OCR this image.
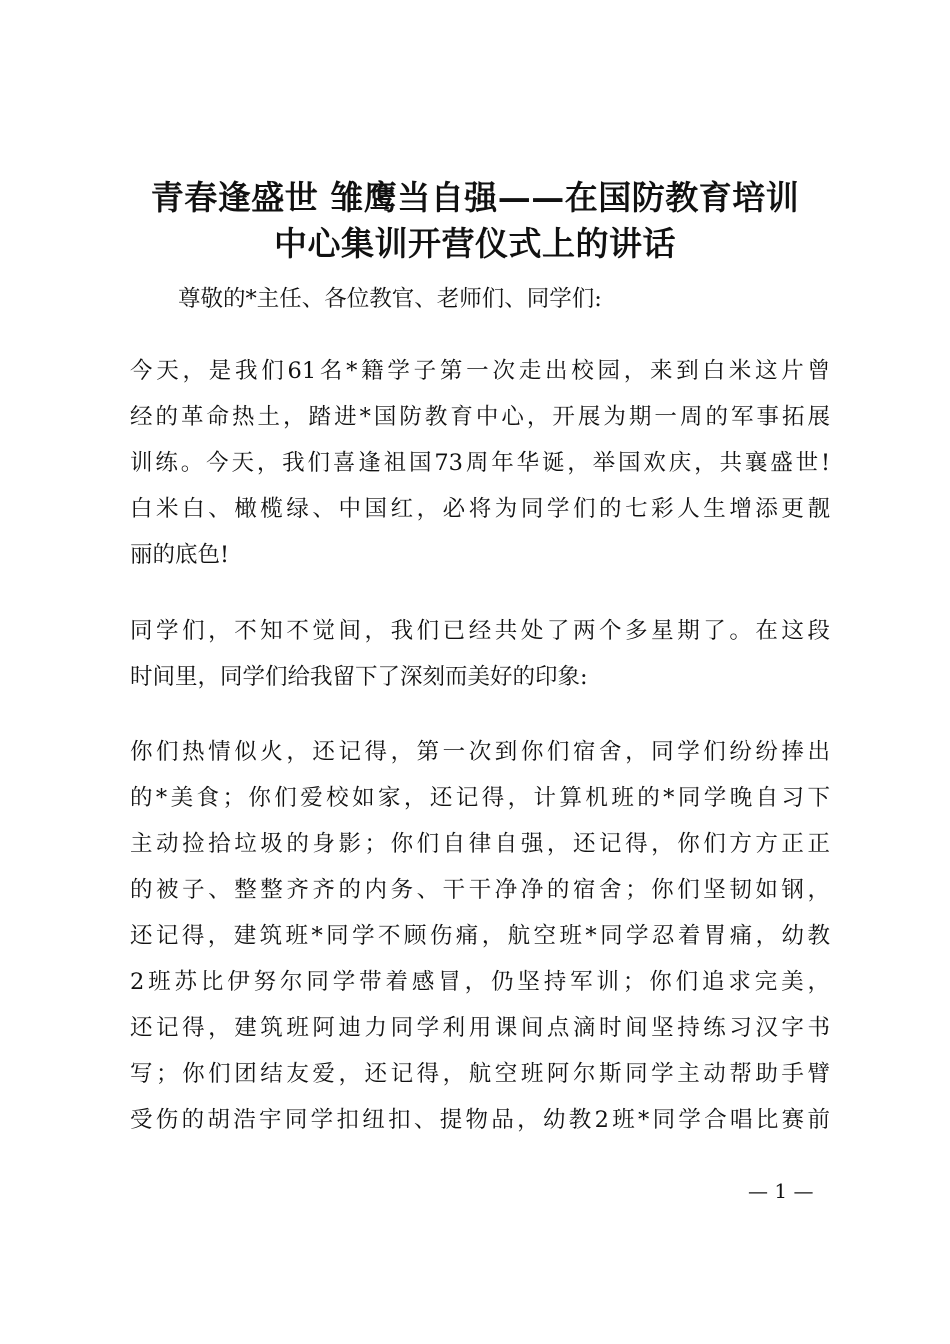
青春逢盛世 雏鹰当自强——在国防教育培训
中心集训开营仪式上的讲话
尊敬的*主任、各位教官、老师们、同学们:
今天，是我们61名*籍学子第一次走出校园，来到白米这片曾
经的革命热土，踏进*国防教育中心，开展为期一周的军事拓展
训练。今天，我们喜逢祖国73周年华诞，举国欢庆，共襄盛世!
白米白、橄榄绿、中国红，必将为同学们的七彩人生增添更靓
丽的底色!
同学们，不知不觉间，我们已经共处了两个多星期了。在这段
时间里，同学们给我留下了深刻而美好的印象:
你们热情似火，还记得，第一次到你们宿舍，同学们纷纷捧出
的*美食；你们爱校如家，还记得，计算机班的*同学晚自习下
主动捡拾垃圾的身影；你们自律自强，还记得，你们方方正正
的被子、整整齐齐的内务、干干净净的宿舍；你们坚韧如钢，
还记得，建筑班*同学不顾伤痛，航空班*同学忍着胃痛，幼教
2班苏比伊努尔同学带着感冒，仍坚持军训；你们追求完美，
还记得，建筑班阿迪力同学利用课间点滴时间坚持练习汉字书
写；你们团结友爱，还记得，航空班阿尔斯同学主动帮助手臂
受伤的胡浩宇同学扣纽扣、提物品，幼教2班*同学合唱比赛前
— 1 —
